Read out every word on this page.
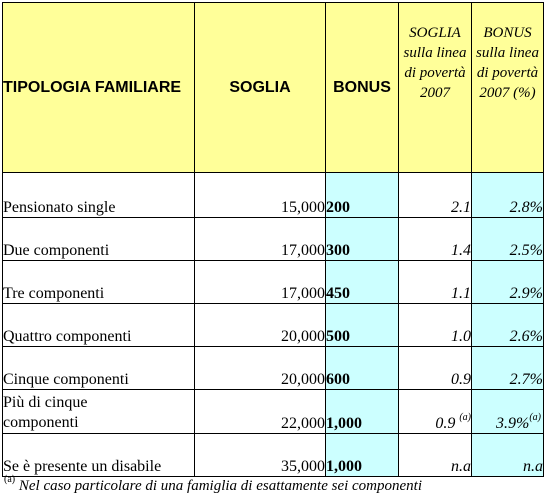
TIPOLOGIA FAMILIARE	SOGLIA	BONUS	SOGLIA sulla linea di povertà 2007	BONUS sulla linea di povertà 2007 (%)
Pensionato single	15,000	200	2.1	2.8%
Due componenti	17,000	300	1.4	2.5%
Tre componenti	17,000	450	1.1	2.9%
Quattro componenti	20,000	500	1.0	2.6%
Cinque componenti	20,000	600	0.9	2.7%
Più di cinque componenti	22,000	1,000	0.9 $^{(a)}$	3.9%$^{(a)}$
Se è presente un disabile	35,000	1,000	n.a	n.a
$^{(a)}$ Nel caso particolare di una famiglia di esattamente sei componenti
